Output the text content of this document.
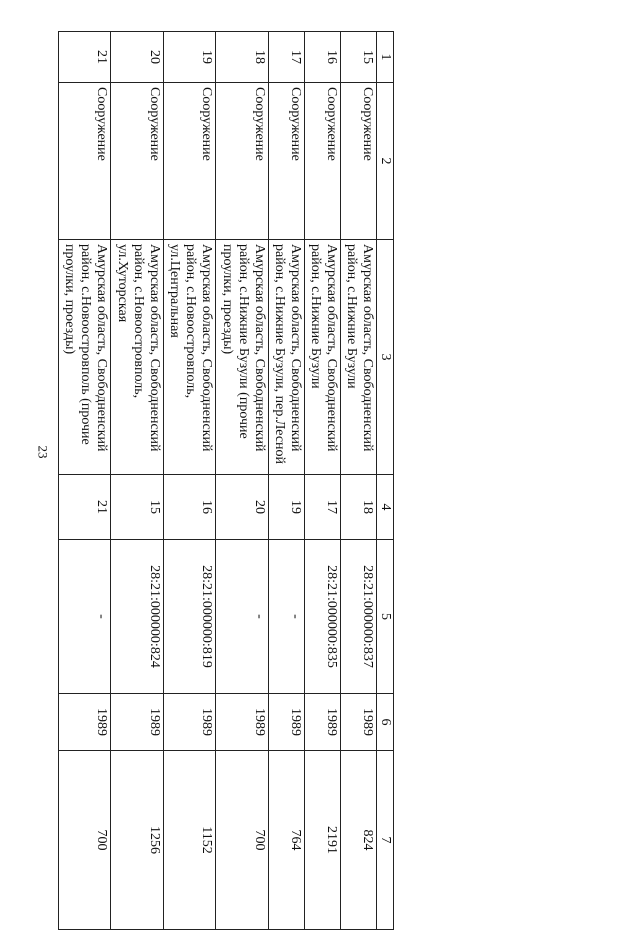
23
1	2	3	4	5	6	7
15	Сооружение	Амурская область, Свободненский район, с.Нижние Бузули	18	28:21:000000:837	1989	824
16	Сооружение	Амурская область, Свободненский район, с.Нижние Бузули	17	28:21:000000:835	1989	2191
17	Сооружение	Амурская область, Свободненский район, с.Нижние Бузули, пер.Лесной	19	-	1989	764
18	Сооружение	Амурская область, Свободненский район, с.Нижние Бузули (прочие проулки, проезды)	20	-	1989	700
19	Сооружение	Амурская область, Свободненский район, с.Новоостровполь, ул.Центральная	16	28:21:000000:819	1989	1152
20	Сооружение	Амурская область, Свободненский район, с.Новоостровполь, ул.Хуторская	15	28:21:000000:824	1989	1256
21	Сооружение	Амурская область, Свободненский район, с.Новоостровполь (прочие проулки, проезды)	21	-	1989	700
